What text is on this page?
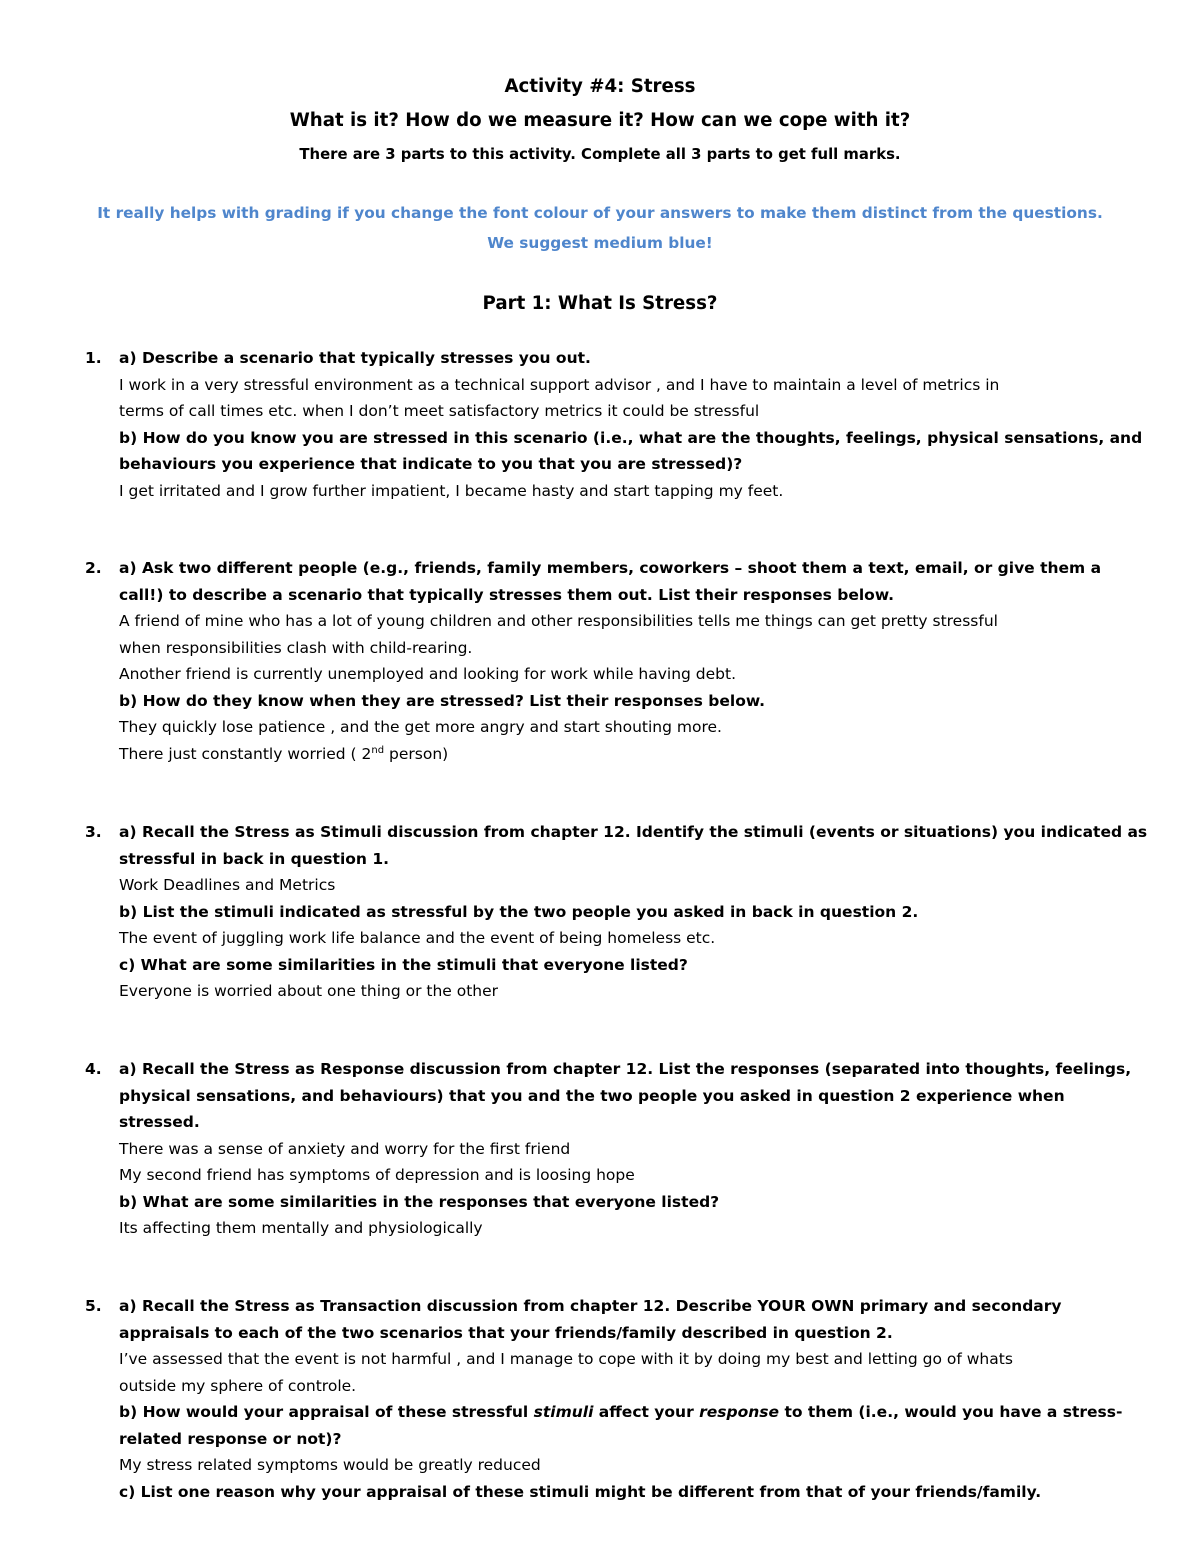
Activity #4: Stress
What is it? How do we measure it? How can we cope with it?
There are 3 parts to this activity. Complete all 3 parts to get full marks.
It really helps with grading if you change the font colour of your answers to make them distinct from the questions.
We suggest medium blue!
Part 1: What Is Stress?
1. a) Describe a scenario that typically stresses you out.
I work in a very stressful environment as a technical support advisor , and I have to maintain a level of metrics in
terms of call times etc. when I don’t meet satisfactory metrics it could be stressful
b) How do you know you are stressed in this scenario (i.e., what are the thoughts, feelings, physical sensations, and
behaviours you experience that indicate to you that you are stressed)?
I get irritated and I grow further impatient, I became hasty and start tapping my feet.
2. a) Ask two different people (e.g., friends, family members, coworkers – shoot them a text, email, or give them a
call!) to describe a scenario that typically stresses them out. List their responses below.
A friend of mine who has a lot of young children and other responsibilities tells me things can get pretty stressful
when responsibilities clash with child-rearing.
Another friend is currently unemployed and looking for work while having debt.
b) How do they know when they are stressed? List their responses below.
They quickly lose patience , and the get more angry and start shouting more.
There just constantly worried ( 2nd person)
3. a) Recall the Stress as Stimuli discussion from chapter 12. Identify the stimuli (events or situations) you indicated as
stressful in back in question 1.
Work Deadlines and Metrics
b) List the stimuli indicated as stressful by the two people you asked in back in question 2.
The event of juggling work life balance and the event of being homeless etc.
c) What are some similarities in the stimuli that everyone listed?
Everyone is worried about one thing or the other
4. a) Recall the Stress as Response discussion from chapter 12. List the responses (separated into thoughts, feelings,
physical sensations, and behaviours) that you and the two people you asked in question 2 experience when
stressed.
There was a sense of anxiety and worry for the first friend
My second friend has symptoms of depression and is loosing hope
b) What are some similarities in the responses that everyone listed?
Its affecting them mentally and physiologically
5. a) Recall the Stress as Transaction discussion from chapter 12. Describe YOUR OWN primary and secondary
appraisals to each of the two scenarios that your friends/family described in question 2.
I’ve assessed that the event is not harmful , and I manage to cope with it by doing my best and letting go of whats
outside my sphere of controle.
b) How would your appraisal of these stressful stimuli affect your response to them (i.e., would you have a stress-
related response or not)?
My stress related symptoms would be greatly reduced
c) List one reason why your appraisal of these stimuli might be different from that of your friends/family.
